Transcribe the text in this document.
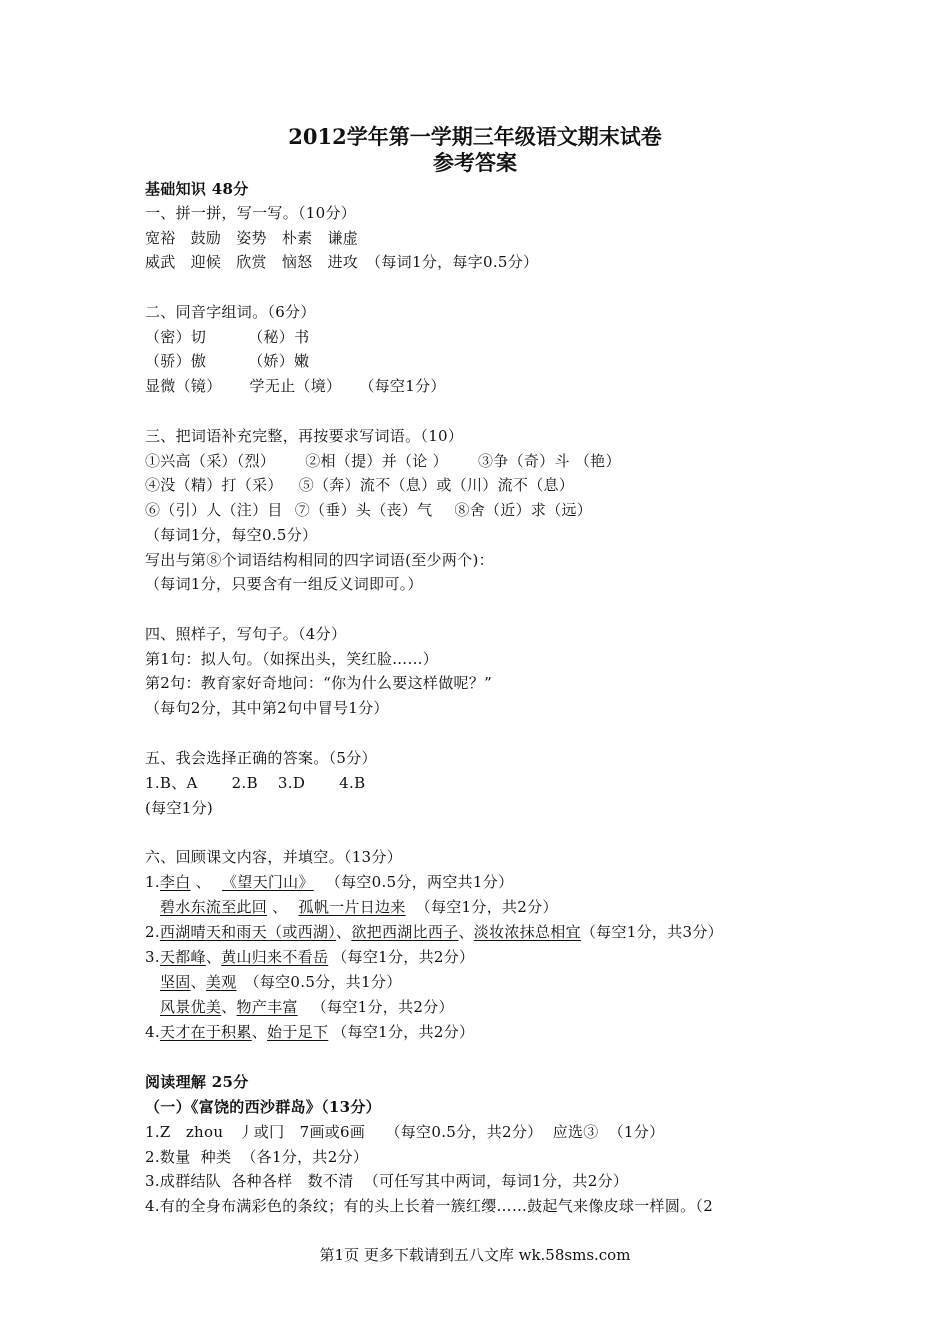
2012学年第一学期三年级语文期末试卷
参考答案
基础知识 48分
一、拼一拼，写一写。（10分）
宽裕 鼓励 姿势 朴素 谦虚
威武 迎候 欣赏 恼怒 进攻 （每词1分，每字0.5分）
二、同音字组词。（6分）
（密）切	（秘）书
（骄）傲	（娇）嫩
显微（镜） 学无止（境） （每空1分）
三、把词语补充完整，再按要求写词语。（10）
①兴高（采）（烈） ②相（提）并（论 ） ③争（奇）斗 （艳）
④没（精）打（采） ⑤（奔）流不（息）或（川）流不（息）
⑥（引）人（注）目 ⑦（垂）头（丧）气 ⑧舍（近）求（远）
（每词1分，每空0.5分）
写出与第⑧个词语结构相同的四字词语(至少两个)：
（每词1分，只要含有一组反义词即可。）
四、照样子，写句子。（4分）
第1句：拟人句。（如探出头，笑红脸……）
第2句：教育家好奇地问：“你为什么要这样做呢？”
（每句2分，其中第2句中冒号1分）
五、我会选择正确的答案。（5分）
1.B、A 2.B 3.D 4.B
(每空1分)
六、回顾课文内容，并填空。（13分）
1.李白 、 《望天门山》 （每空0.5分，两空共1分）
碧水东流至此回 、 孤帆一片日边来 （每空1分，共2分）
2.西湖晴天和雨天（或西湖）、欲把西湖比西子、淡妆浓抹总相宜（每空1分，共3分）
3.天都峰、黄山归来不看岳 （每空1分，共2分）
坚固、美观 （每空0.5分，共1分）
风景优美、物产丰富 （每空1分，共2分）
4.天才在于积累、始于足下 （每空1分，共2分）
阅读理解 25分
（一）《富饶的西沙群岛》（13分）
1.Z   zhou   丿或冂   7画或6画    （每空0.5分，共2分）  应选③  （1分）
2.数量  种类  （各1分，共2分）
3.成群结队  各种各样   数不清  （可任写其中两词，每词1分，共2分）
4.有的全身布满彩色的条纹；有的头上长着一簇红缨……鼓起气来像皮球一样圆。（2
第1页 更多下载请到五八文库 wk.58sms.com
